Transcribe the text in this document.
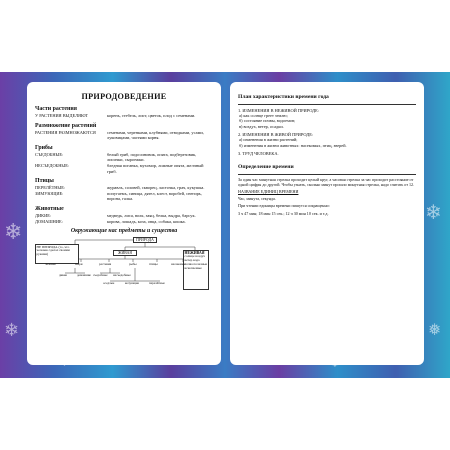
❄
❄
❄
❅
ПРИРОДОВЕДЕНИЕ
Части растения
У РАСТЕНИЯ ВЫДЕЛЯЮТ	корень, стебель, лист, цветок, плод с семенами.
Размножение растений
РАСТЕНИЯ РАЗМНОЖАЮТСЯ	семенами, черенками, клубнями, отводками, усами, луковицами, частями корня.
Грибы
СЪЕДОБНЫЕ:	белый гриб, подосиновик, опята, подберезовик, лисички, сыроежки.
НЕСЪЕДОБНЫЕ:	бледная поганка, мухомор, ложные опята, желчный гриб.
Птицы
ПЕРЕЛЁТНЫЕ:	журавль, соловей, скворец, ласточка, грач, кукушка.
ЗИМУЮЩИЕ:	попугаемь, синица, дятел, клест, воробей, снегирь, ворона, галка.
Животные
ДИКИЕ:	медведь, лиса, волк, заяц, белка, выдра, барсук.
ДОМАШНИЕ:	корова, лошадь, коза, овца, собака, кошка.
Окружающие нас предметы и существа
НЕ ПРИРОДА (то, что человек сделал своими руками)
ПРИРОДА
ЖИВАЯ	НЕЖИВАЯ
солнце воздух ветер вода почва полезные ископаемые
человек	звери	растения	рыбы	птицы	насекомые
дикие	домашние съедобные несъедобные
оседлые	кочующие	перелётные
План характеристики времени года
1. ИЗМЕНЕНИЯ В НЕЖИВОЙ ПРИРОДЕ:
а) как солнце греет землю;
б) состояние почвы, водоемов;
в) воздух, ветер, осадки.
2. ИЗМЕНЕНИЯ В ЖИВОЙ ПРИРОДЕ:
а) изменения в жизни растений;
б) изменения в жизни животных: насекомых, птиц, зверей.
3. ТРУД ЧЕЛОВЕКА.
Определение времени
За один час минутная стрелка проходит целый круг, а часовая стрелка за час проходит расстояние от одной цифры до другой. Чтобы узнать, сколько минут прошло минутная стрелка, надо считать от 12.
НАЗВАНИЕ ЕДИНИЦ ВРЕМЕНИ
Час, минута, секунда.
При чтении единицы времени пишутся сокращенно:
3 ч 47 мин; 18 мин 15 сек.; 12 ч 30 мин 10 сек. и т.д.
